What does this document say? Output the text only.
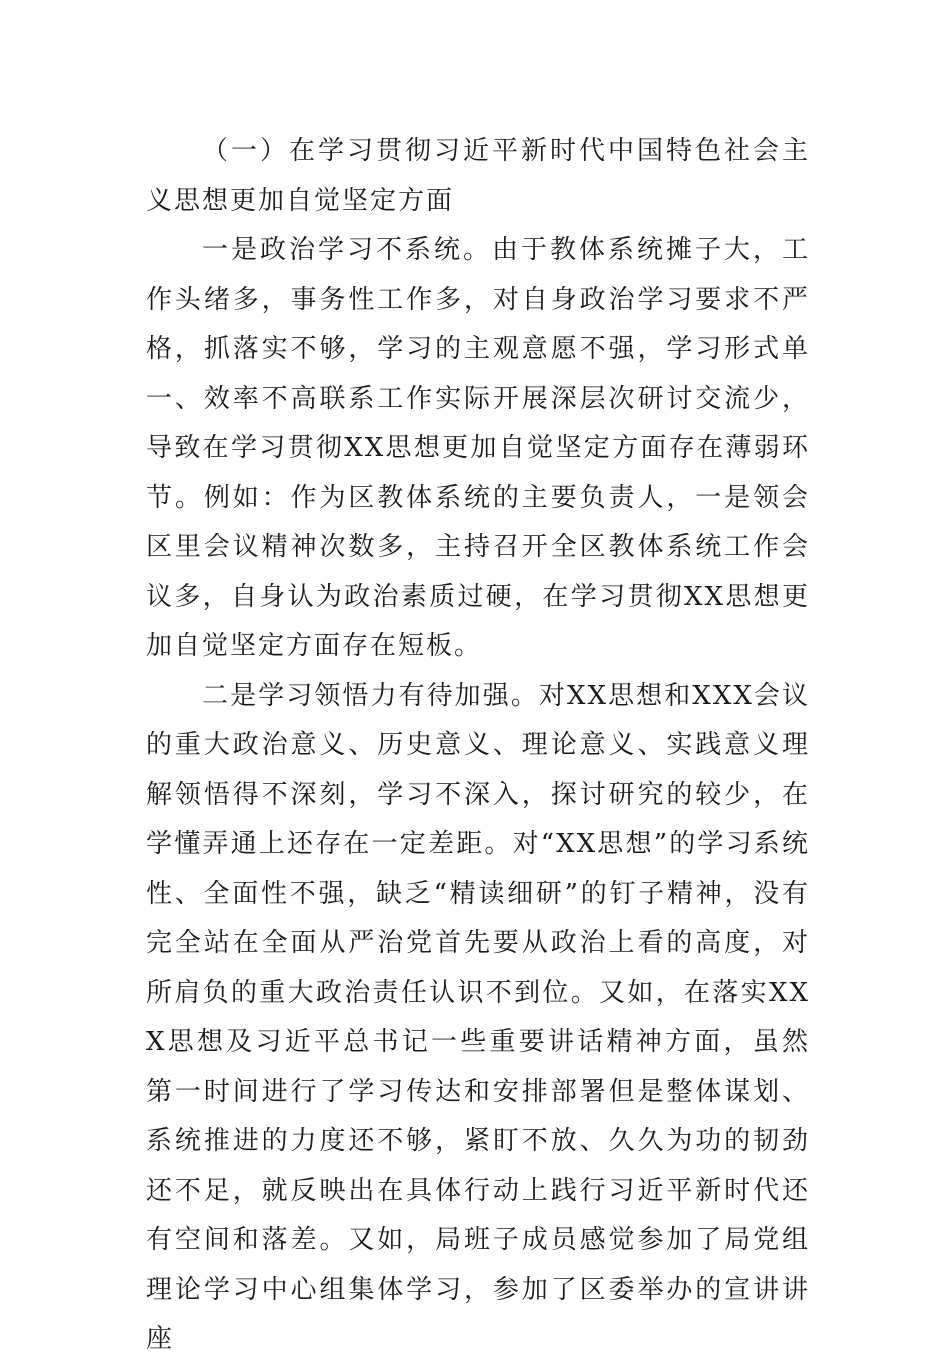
（一）在学习贯彻习近平新时代中国特色社会主义思想更加自觉坚定方面

一是政治学习不系统。由于教体系统摊子大，工作头绪多，事务性工作多，对自身政治学习要求不严格，抓落实不够，学习的主观意愿不强，学习形式单一、效率不高联系工作实际开展深层次研讨交流少，导致在学习贯彻XX思想更加自觉坚定方面存在薄弱环节。例如：作为区教体系统的主要负责人，一是领会区里会议精神次数多，主持召开全区教体系统工作会议多，自身认为政治素质过硬，在学习贯彻XX思想更加自觉坚定方面存在短板。

二是学习领悟力有待加强。对XX思想和XXX会议的重大政治意义、历史意义、理论意义、实践意义理解领悟得不深刻，学习不深入，探讨研究的较少，在学懂弄通上还存在一定差距。对“XX思想”的学习系统性、全面性不强，缺乏“精读细研”的钉子精神，没有完全站在全面从严治党首先要从政治上看的高度，对所肩负的重大政治责任认识不到位。又如，在落实XXX思想及习近平总书记一些重要讲话精神方面，虽然第一时间进行了学习传达和安排部署但是整体谋划、系统推进的力度还不够，紧盯不放、久久为功的韧劲还不足，就反映出在具体行动上践行习近平新时代还有空间和落差。又如，局班子成员感觉参加了局党组理论学习中心组集体学习，参加了区委举办的宣讲讲座
